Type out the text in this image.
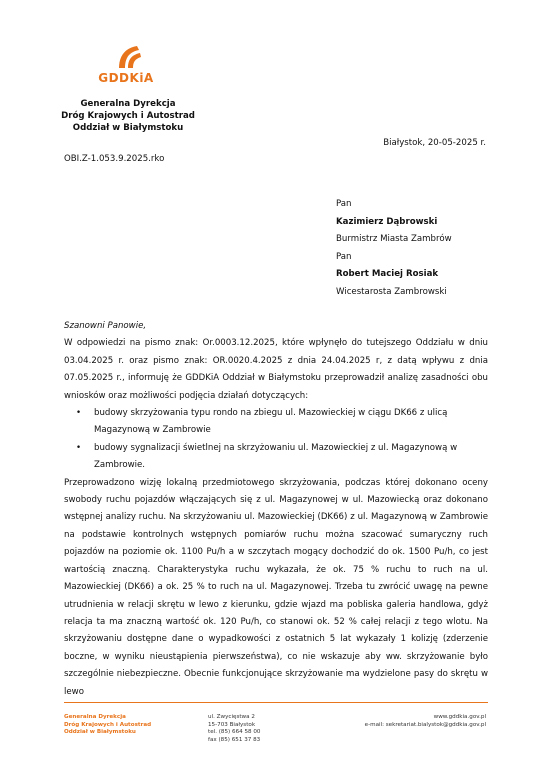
GDDKiA
Generalna Dyrekcja
Dróg Krajowych i Autostrad
Oddział w Białymstoku
Białystok, 20-05-2025 r.
OBI.Z-1.053.9.2025.rko
Pan
Kazimierz Dąbrowski
Burmistrz Miasta Zambrów
Pan
Robert Maciej Rosiak
Wicestarosta Zambrowski
Szanowni Panowie,
W odpowiedzi na pismo znak: Or.0003.12.2025, które wpłynęło do tutejszego Oddziału w dniu 03.04.2025 r. oraz pismo znak: OR.0020.4.2025 z dnia 24.04.2025 r, z datą wpływu z dnia 07.05.2025 r., informuję że GDDKiA Oddział w Białymstoku przeprowadził analizę zasadności obu wniosków oraz możliwości podjęcia działań dotyczących:
• budowy skrzyżowania typu rondo na zbiegu ul. Mazowieckiej w ciągu DK66 z ulicą Magazynową w Zambrowie
• budowy sygnalizacji świetlnej na skrzyżowaniu ul. Mazowieckiej z ul. Magazynową w Zambrowie.
Przeprowadzono wizję lokalną przedmiotowego skrzyżowania, podczas której dokonano oceny swobody ruchu pojazdów włączających się z ul. Magazynowej w ul. Mazowiecką oraz dokonano wstępnej analizy ruchu. Na skrzyżowaniu ul. Mazowieckiej (DK66) z ul. Magazynową w Zambrowie na podstawie kontrolnych wstępnych pomiarów ruchu można szacować sumaryczny ruch pojazdów na poziomie ok. 1100 Pu/h a w szczytach mogący dochodzić do ok. 1500 Pu/h, co jest wartością znaczną. Charakterystyka ruchu wykazała, że ok. 75 % ruchu to ruch na ul. Mazowieckiej (DK66) a ok. 25 % to ruch na ul. Magazynowej. Trzeba tu zwrócić uwagę na pewne utrudnienia w relacji skrętu w lewo z kierunku, gdzie wjazd ma pobliska galeria handlowa, gdyż relacja ta ma znaczną wartość ok. 120 Pu/h, co stanowi ok. 52 % całej relacji z tego wlotu. Na skrzyżowaniu dostępne dane o wypadkowości z ostatnich 5 lat wykazały 1 kolizję (zderzenie boczne, w wyniku nieustąpienia pierwszeństwa), co nie wskazuje aby ww. skrzyżowanie było szczególnie niebezpieczne. Obecnie funkcjonujące skrzyżowanie ma wydzielone pasy do skrętu w lewo
Generalna Dyrekcja
Dróg Krajowych i Autostrad
Oddział w Białymstoku
ul. Zwycięstwa 2
15-703 Białystok
tel. (85) 664 58 00
fax (85) 651 37 83
www.gddkia.gov.pl
e-mail: sekretariat.bialystok@gddkia.gov.pl
